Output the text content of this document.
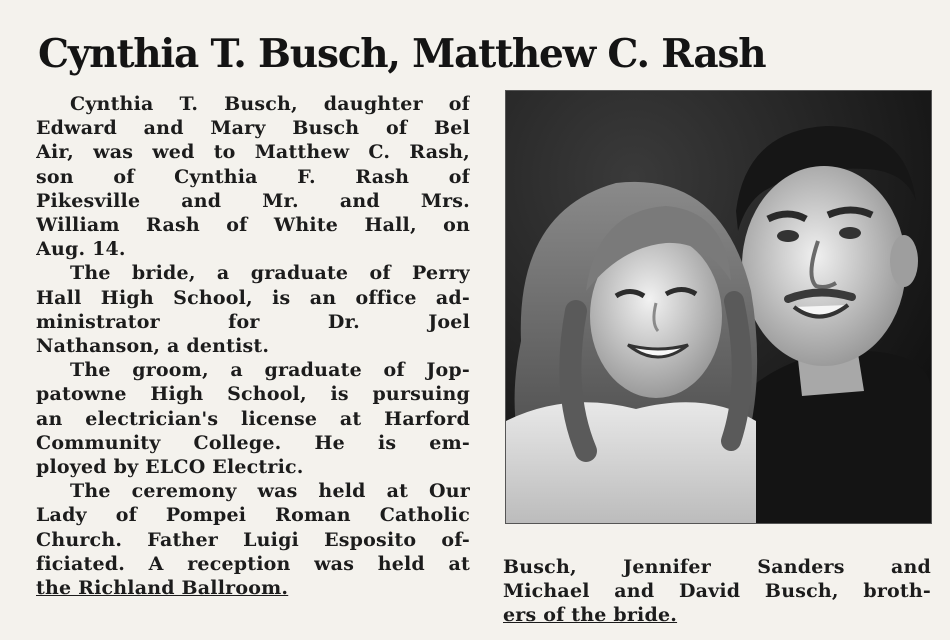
Cynthia T. Busch, Matthew C. Rash

Cynthia T. Busch, daughter of
Edward and Mary Busch of Bel
Air, was wed to Matthew C. Rash,
son of Cynthia F. Rash of
Pikesville and Mr. and Mrs.
William Rash of White Hall, on
Aug. 14.

The bride, a graduate of Perry
Hall High School, is an office ad-
ministrator for Dr. Joel
Nathanson, a dentist.

The groom, a graduate of Jop-
patowne High School, is pursuing
an electrician's license at Harford
Community College. He is em-
ployed by ELCO Electric.

The ceremony was held at Our
Lady of Pompei Roman Catholic
Church. Father Luigi Esposito of-
ficiated. A reception was held at
the Richland Ballroom.

Busch, Jennifer Sanders and
Michael and David Busch, broth-
ers of the bride.
